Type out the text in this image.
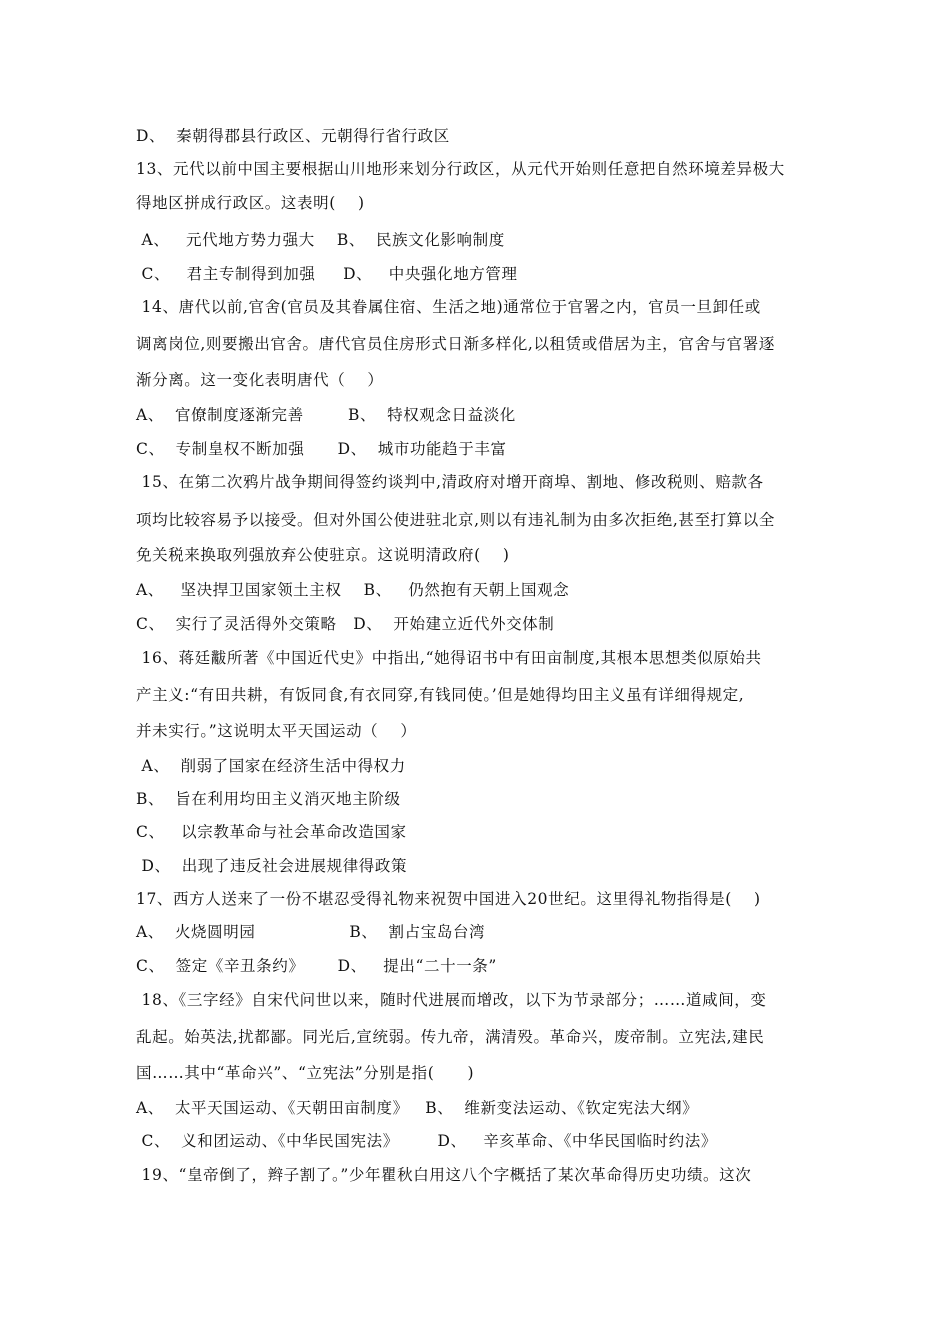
D、  秦朝得郡县行政区、元朝得行省行政区
13、元代以前中国主要根据山川地形来划分行政区，从元代开始则任意把自然环境差异极大
得地区拼成行政区。这表明(    )
A、   元代地方势力强大    B、  民族文化影响制度
C、   君主专制得到加强     D、   中央强化地方管理
14、唐代以前,官舍(官员及其眷属住宿、生活之地)通常位于官署之内，官员一旦卸任或
调离岗位,则要搬出官舍。唐代官员住房形式日渐多样化,以租赁或借居为主，官舍与官署逐
渐分离。这一变化表明唐代（    ）
A、  官僚制度逐渐完善        B、  特权观念日益淡化
C、  专制皇权不断加强      D、  城市功能趋于丰富
15、在第二次鸦片战争期间得签约谈判中,清政府对增开商埠、割地、修改税则、赔款各
项均比较容易予以接受。但对外国公使进驻北京,则以有违礼制为由多次拒绝,甚至打算以全
免关税来换取列强放弃公使驻京。这说明清政府(    )
A、   坚决捍卫国家领土主权    B、   仍然抱有天朝上国观念
C、  实行了灵活得外交策略   D、  开始建立近代外交体制
16、蒋廷黻所著《中国近代史》中指出,“她得诏书中有田亩制度,其根本思想类似原始共
产主义:“有田共耕，有饭同食,有衣同穿,有钱同使。’但是她得均田主义虽有详细得规定,
并未实行。”这说明太平天国运动（    ）
A、  削弱了国家在经济生活中得权力
B、  旨在利用均田主义消灭地主阶级
C、   以宗教革命与社会革命改造国家
D、  出现了违反社会进展规律得政策
17、西方人送来了一份不堪忍受得礼物来祝贺中国进入20世纪。这里得礼物指得是(    )
A、  火烧圆明园                 B、  割占宝岛台湾
C、  签定《辛丑条约》      D、   提出“二十一条”
18、《三字经》自宋代问世以来，随时代进展而增改，以下为节录部分；……道咸间，变
乱起。始英法,扰都鄙。同光后,宣统弱。传九帝，满清殁。革命兴，废帝制。立宪法,建民
国……其中“革命兴”、“立宪法”分别是指(      )
A、  太平天国运动、《天朝田亩制度》   B、  维新变法运动、《钦定宪法大纲》
C、  义和团运动、《中华民国宪法》       D、   辛亥革命、《中华民国临时约法》
19、“皇帝倒了，辫子割了。”少年瞿秋白用这八个字概括了某次革命得历史功绩。这次
